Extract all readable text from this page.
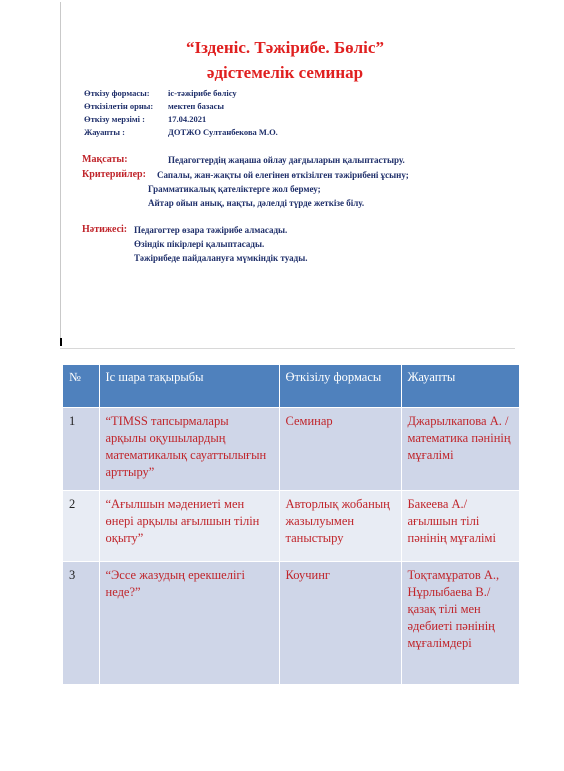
“Ізденіс. Тәжірибе. Бөліс”
әдістемелік семинар
Өткізу формасы: іс-тәжірибе бөлісу
Өткізілетін орны: мектеп базасы
Өткізу мерзімі :	17.04.2021
Жауапты :	ДОТЖО Султанбекова М.О.
Мақсаты:	Педагогтердің жаңаша ойлау дағдыларын қалыптастыру.
Критерийлер: Сапалы, жан-жақты ой елегінен өткізілген тәжірибені ұсыну;
Грамматикалық қателіктерге жол бермеу;
Айтар ойын анық, нақты, дәлелді түрде жеткізе білу.
Нәтижесі: Педагогтер өзара тәжірибе алмасады.
Өзіндік пікірлері қалыптасады.
Тәжірибеде пайдалануға мүмкіндік туады.
№	Іс шара тақырыбы	Өткізілу формасы	Жауапты
1	“TIMSS тапсырмалары арқылы оқушылардың математикалық сауаттылығын арттыру”	Семинар	Джарылкапова А. / математика пәнінің мұғалімі
2	“Ағылшын мәдениеті мен өнері арқылы ағылшын тілін оқыту”	Авторлық жобаның жазылуымен таныстыру	Бакеева А./ ағылшын тілі пәнінің мұғалімі
3	“Эссе жазудың ерекшелігі неде?”	Коучинг	Тоқтамұратов А., Нұрлыбаева В./ қазақ тілі мен әдебиеті пәнінің мұғалімдері
